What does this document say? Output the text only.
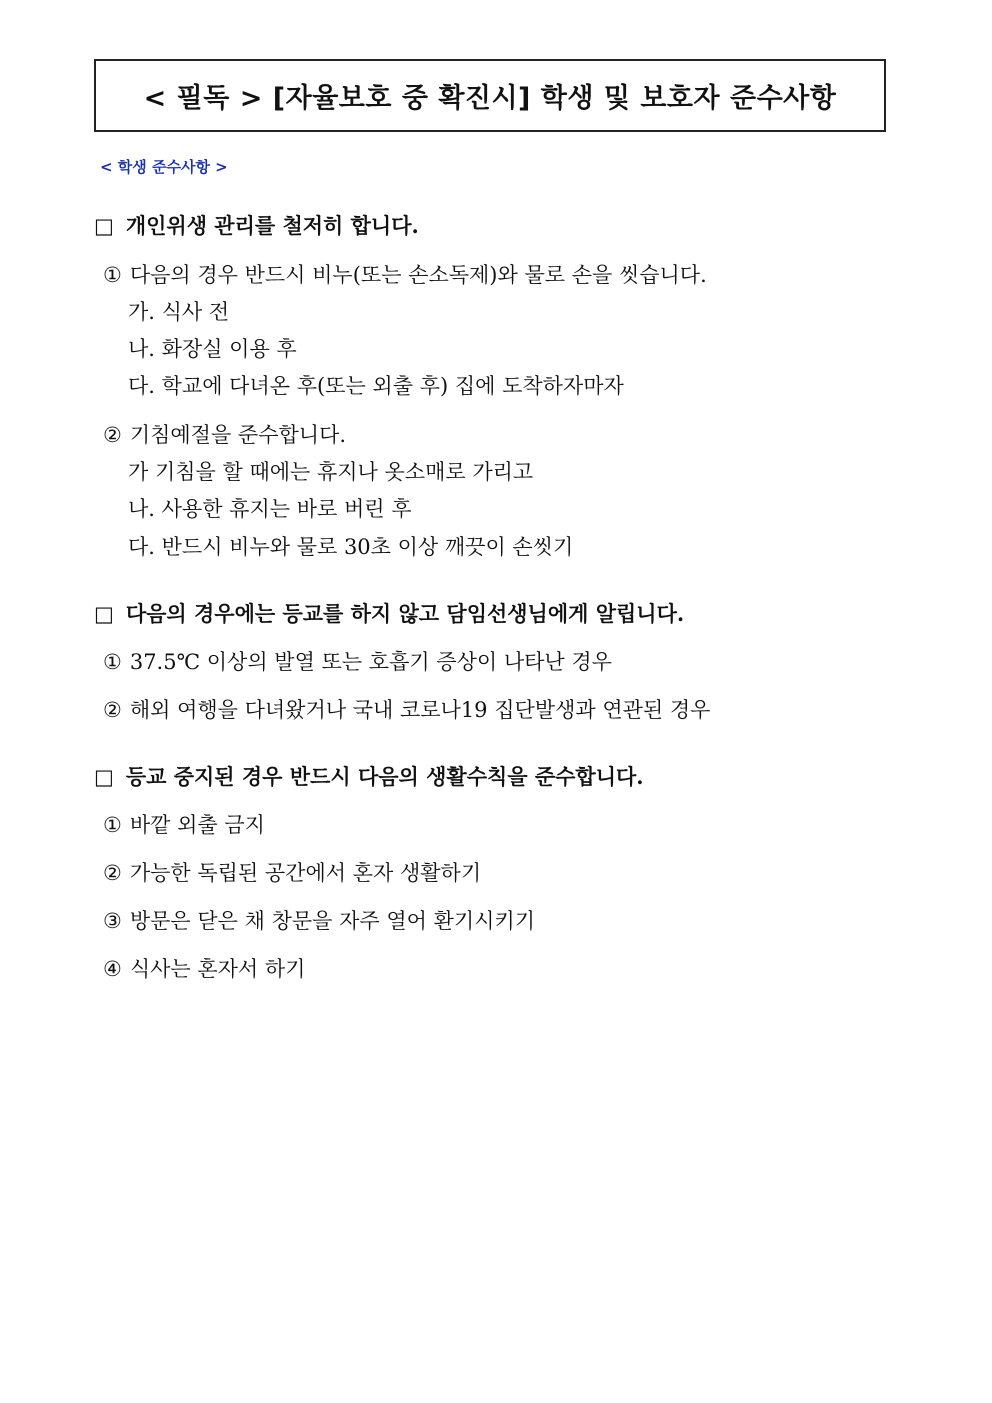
< 필독 > [자율보호 중 확진시] 학생 및 보호자 준수사항
< 학생 준수사항 >
□ 개인위생 관리를 철저히 합니다.
① 다음의 경우 반드시 비누(또는 손소독제)와 물로 손을 씻습니다.
가. 식사 전
나. 화장실 이용 후
다. 학교에 다녀온 후(또는 외출 후) 집에 도착하자마자
② 기침예절을 준수합니다.
가 기침을 할 때에는 휴지나 옷소매로 가리고
나. 사용한 휴지는 바로 버린 후
다. 반드시 비누와 물로 30초 이상 깨끗이 손씻기
□ 다음의 경우에는 등교를 하지 않고 담임선생님에게 알립니다.
① 37.5℃ 이상의 발열 또는 호흡기 증상이 나타난 경우
② 해외 여행을 다녀왔거나 국내 코로나19 집단발생과 연관된 경우
□ 등교 중지된 경우 반드시 다음의 생활수칙을 준수합니다.
① 바깥 외출 금지
② 가능한 독립된 공간에서 혼자 생활하기
③ 방문은 닫은 채 창문을 자주 열어 환기시키기
④ 식사는 혼자서 하기
